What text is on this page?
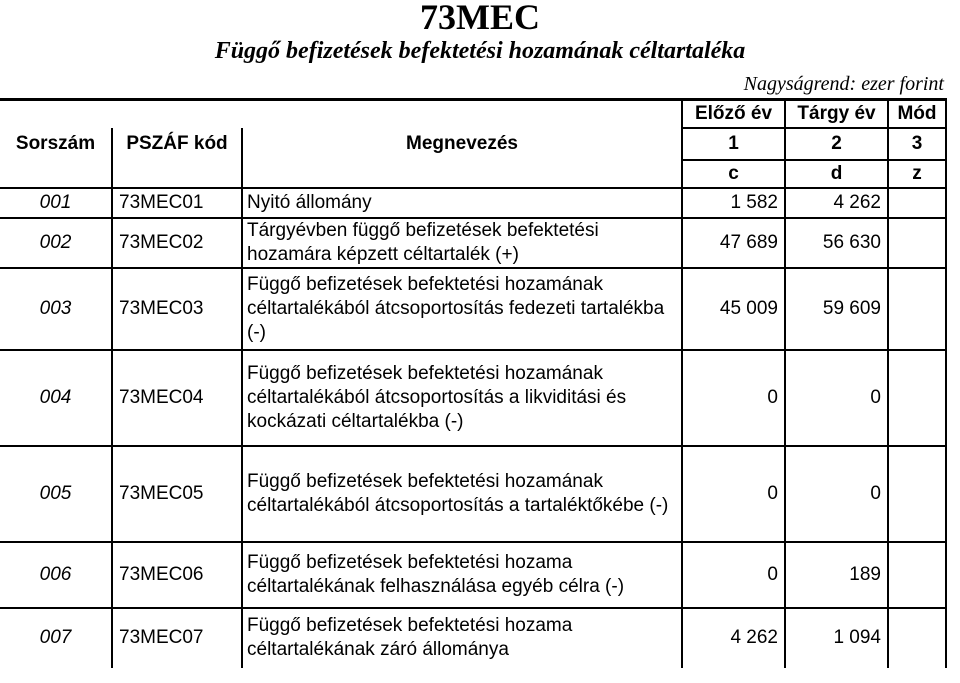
73MEC
Függő befizetések befektetési hozamának céltartaléka
Nagyságrend: ezer forint
			Előző év	Tárgy év	Mód
Sorszám	PSZÁF kód	Megnevezés	1	2	3
			c	d	z
001	73MEC01	Nyitó állomány	1 582	4 262	
002	73MEC02	Tárgyévben függő befizetések befektetési hozamára képzett céltartalék (+)	47 689	56 630	
003	73MEC03	Függő befizetések befektetési hozamának céltartalékából átcsoportosítás fedezeti tartalékba (-)	45 009	59 609	
004	73MEC04	Függő befizetések befektetési hozamának céltartalékából átcsoportosítás a likviditási és kockázati céltartalékba (-)	0	0	
005	73MEC05	Függő befizetések befektetési hozamának céltartalékából átcsoportosítás a tartaléktőkébe (-)	0	0	
006	73MEC06	Függő befizetések befektetési hozama céltartalékának felhasználása egyéb célra (-)	0	189	
007	73MEC07	Függő befizetések befektetési hozama céltartalékának záró állománya	4 262	1 094	
